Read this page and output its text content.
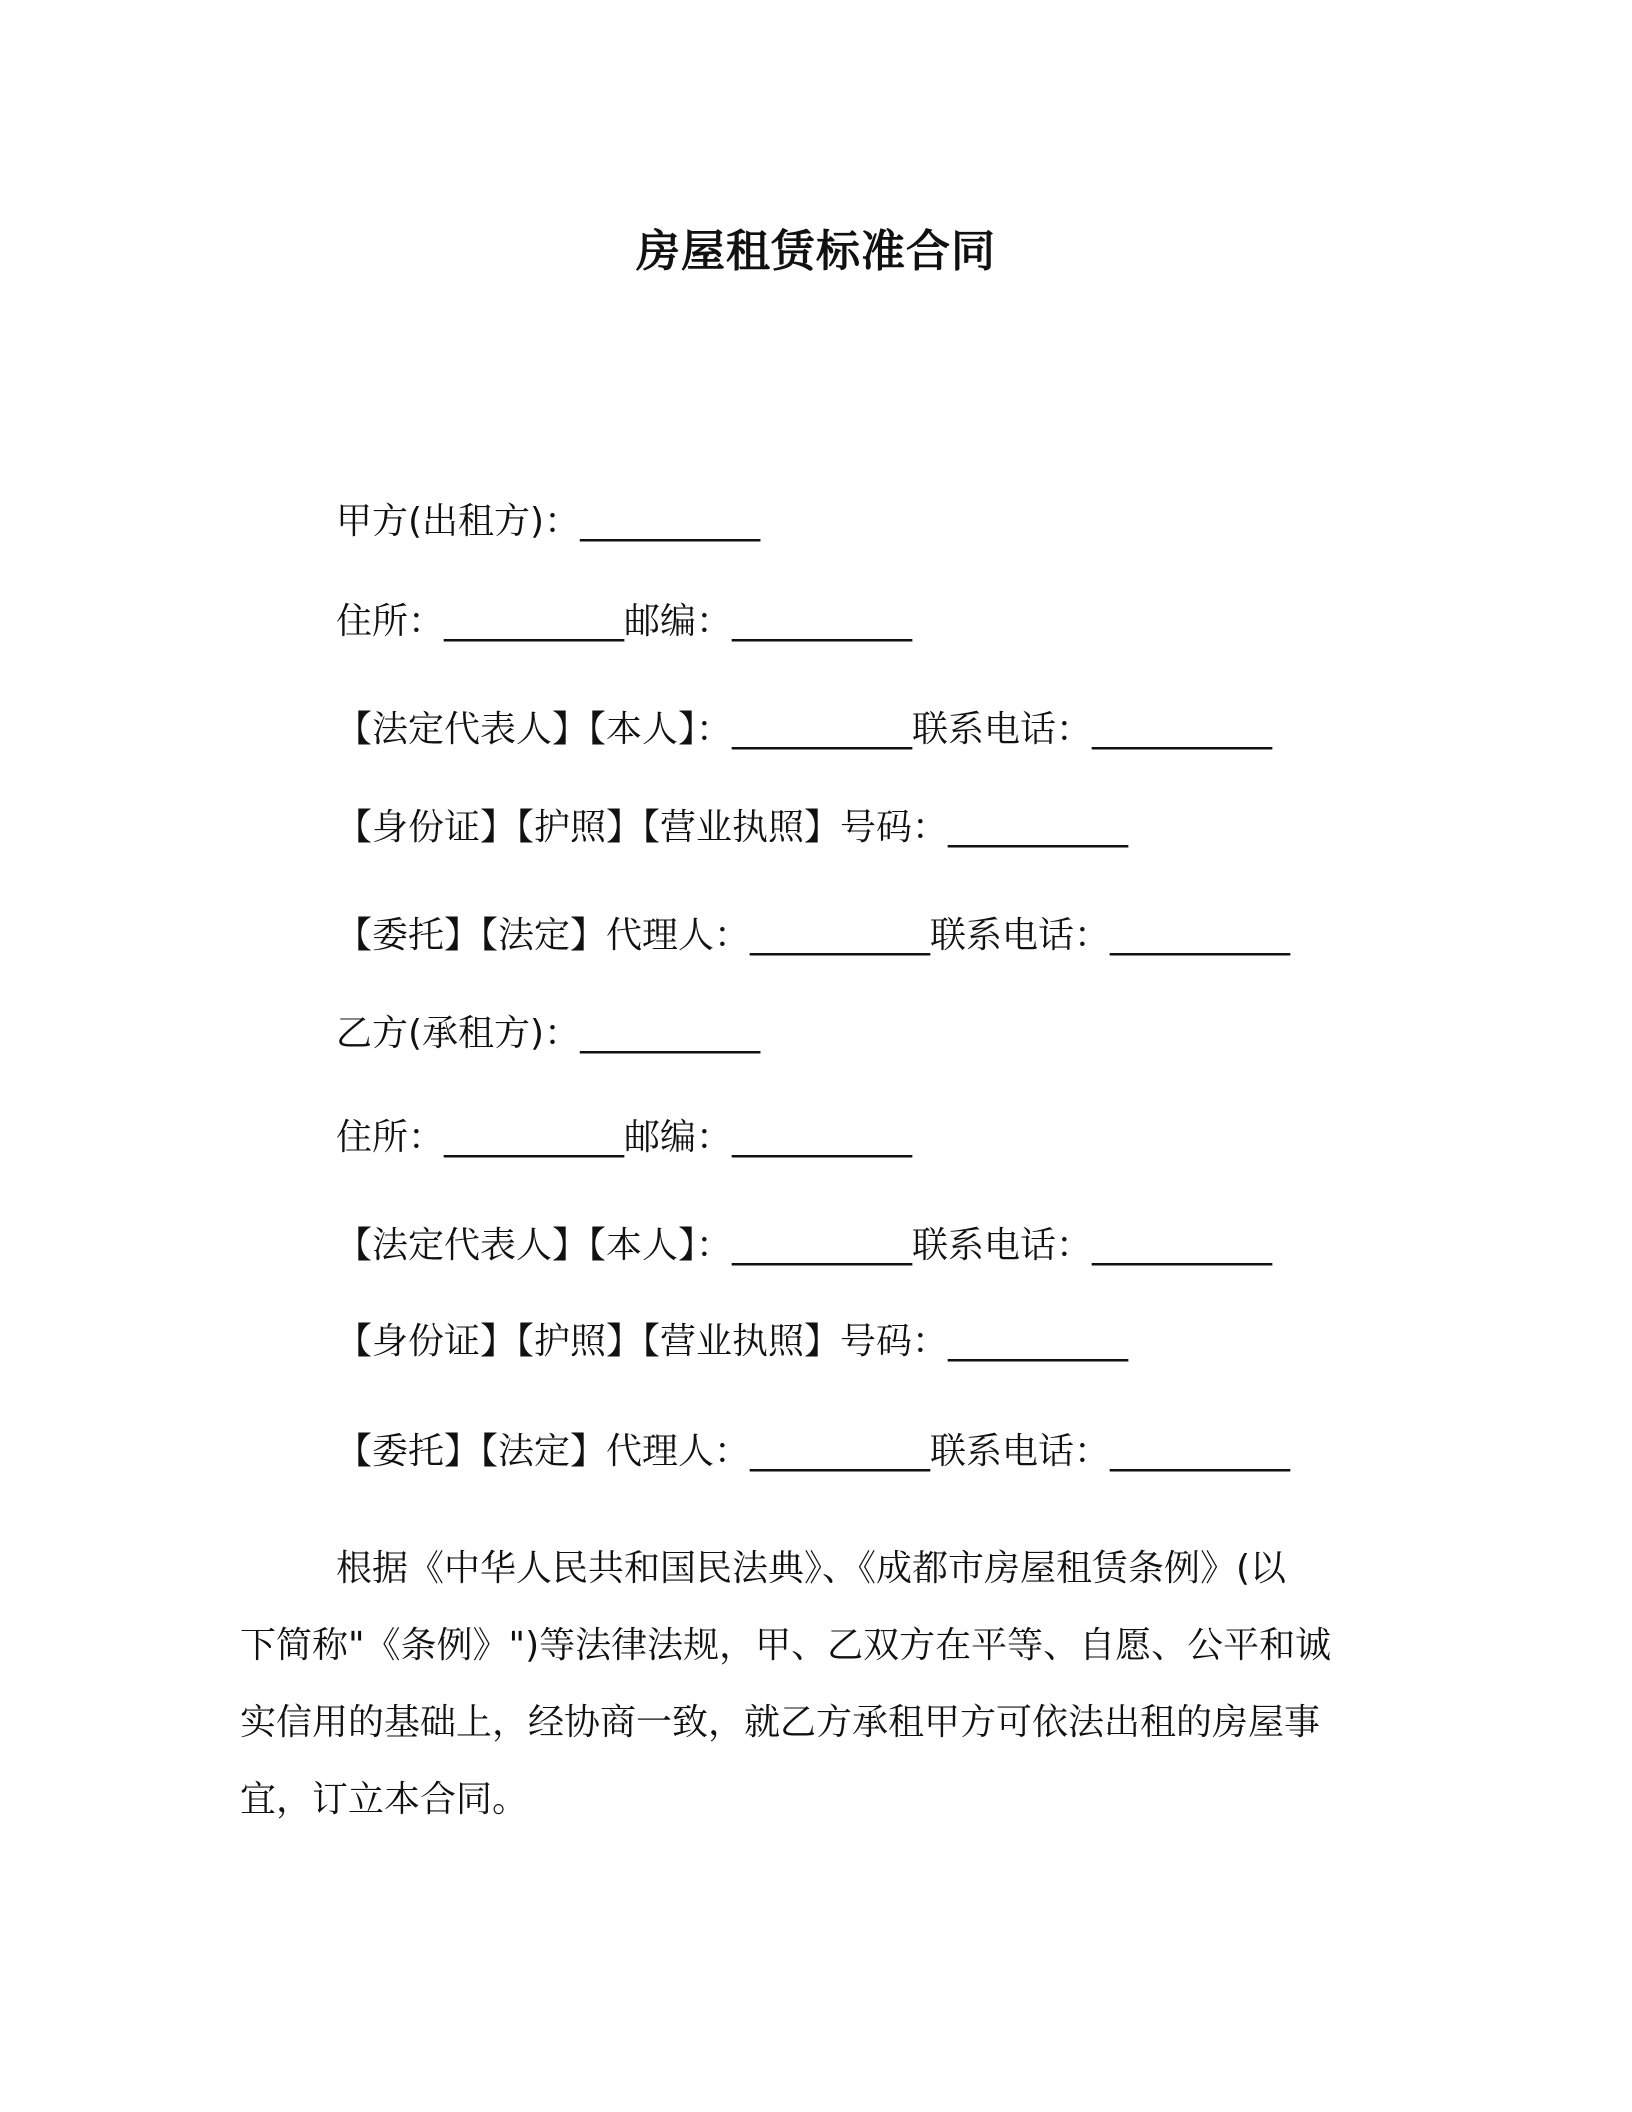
房屋租赁标准合同
甲方(出租方)：__________
住所：__________邮编：__________
【法定代表人】【本人】：__________联系电话：__________
【身份证】【护照】【营业执照】号码：__________
【委托】【法定】代理人：__________联系电话：__________
乙方(承租方)：__________
住所：__________邮编：__________
【法定代表人】【本人】：__________联系电话：__________
【身份证】【护照】【营业执照】号码：__________
【委托】【法定】代理人：__________联系电话：__________
根据《中华人民共和国民法典》、《成都市房屋租赁条例》(以
下简称"《条例》")等法律法规，甲、乙双方在平等、自愿、公平和诚
实信用的基础上，经协商一致，就乙方承租甲方可依法出租的房屋事
宜，订立本合同。
